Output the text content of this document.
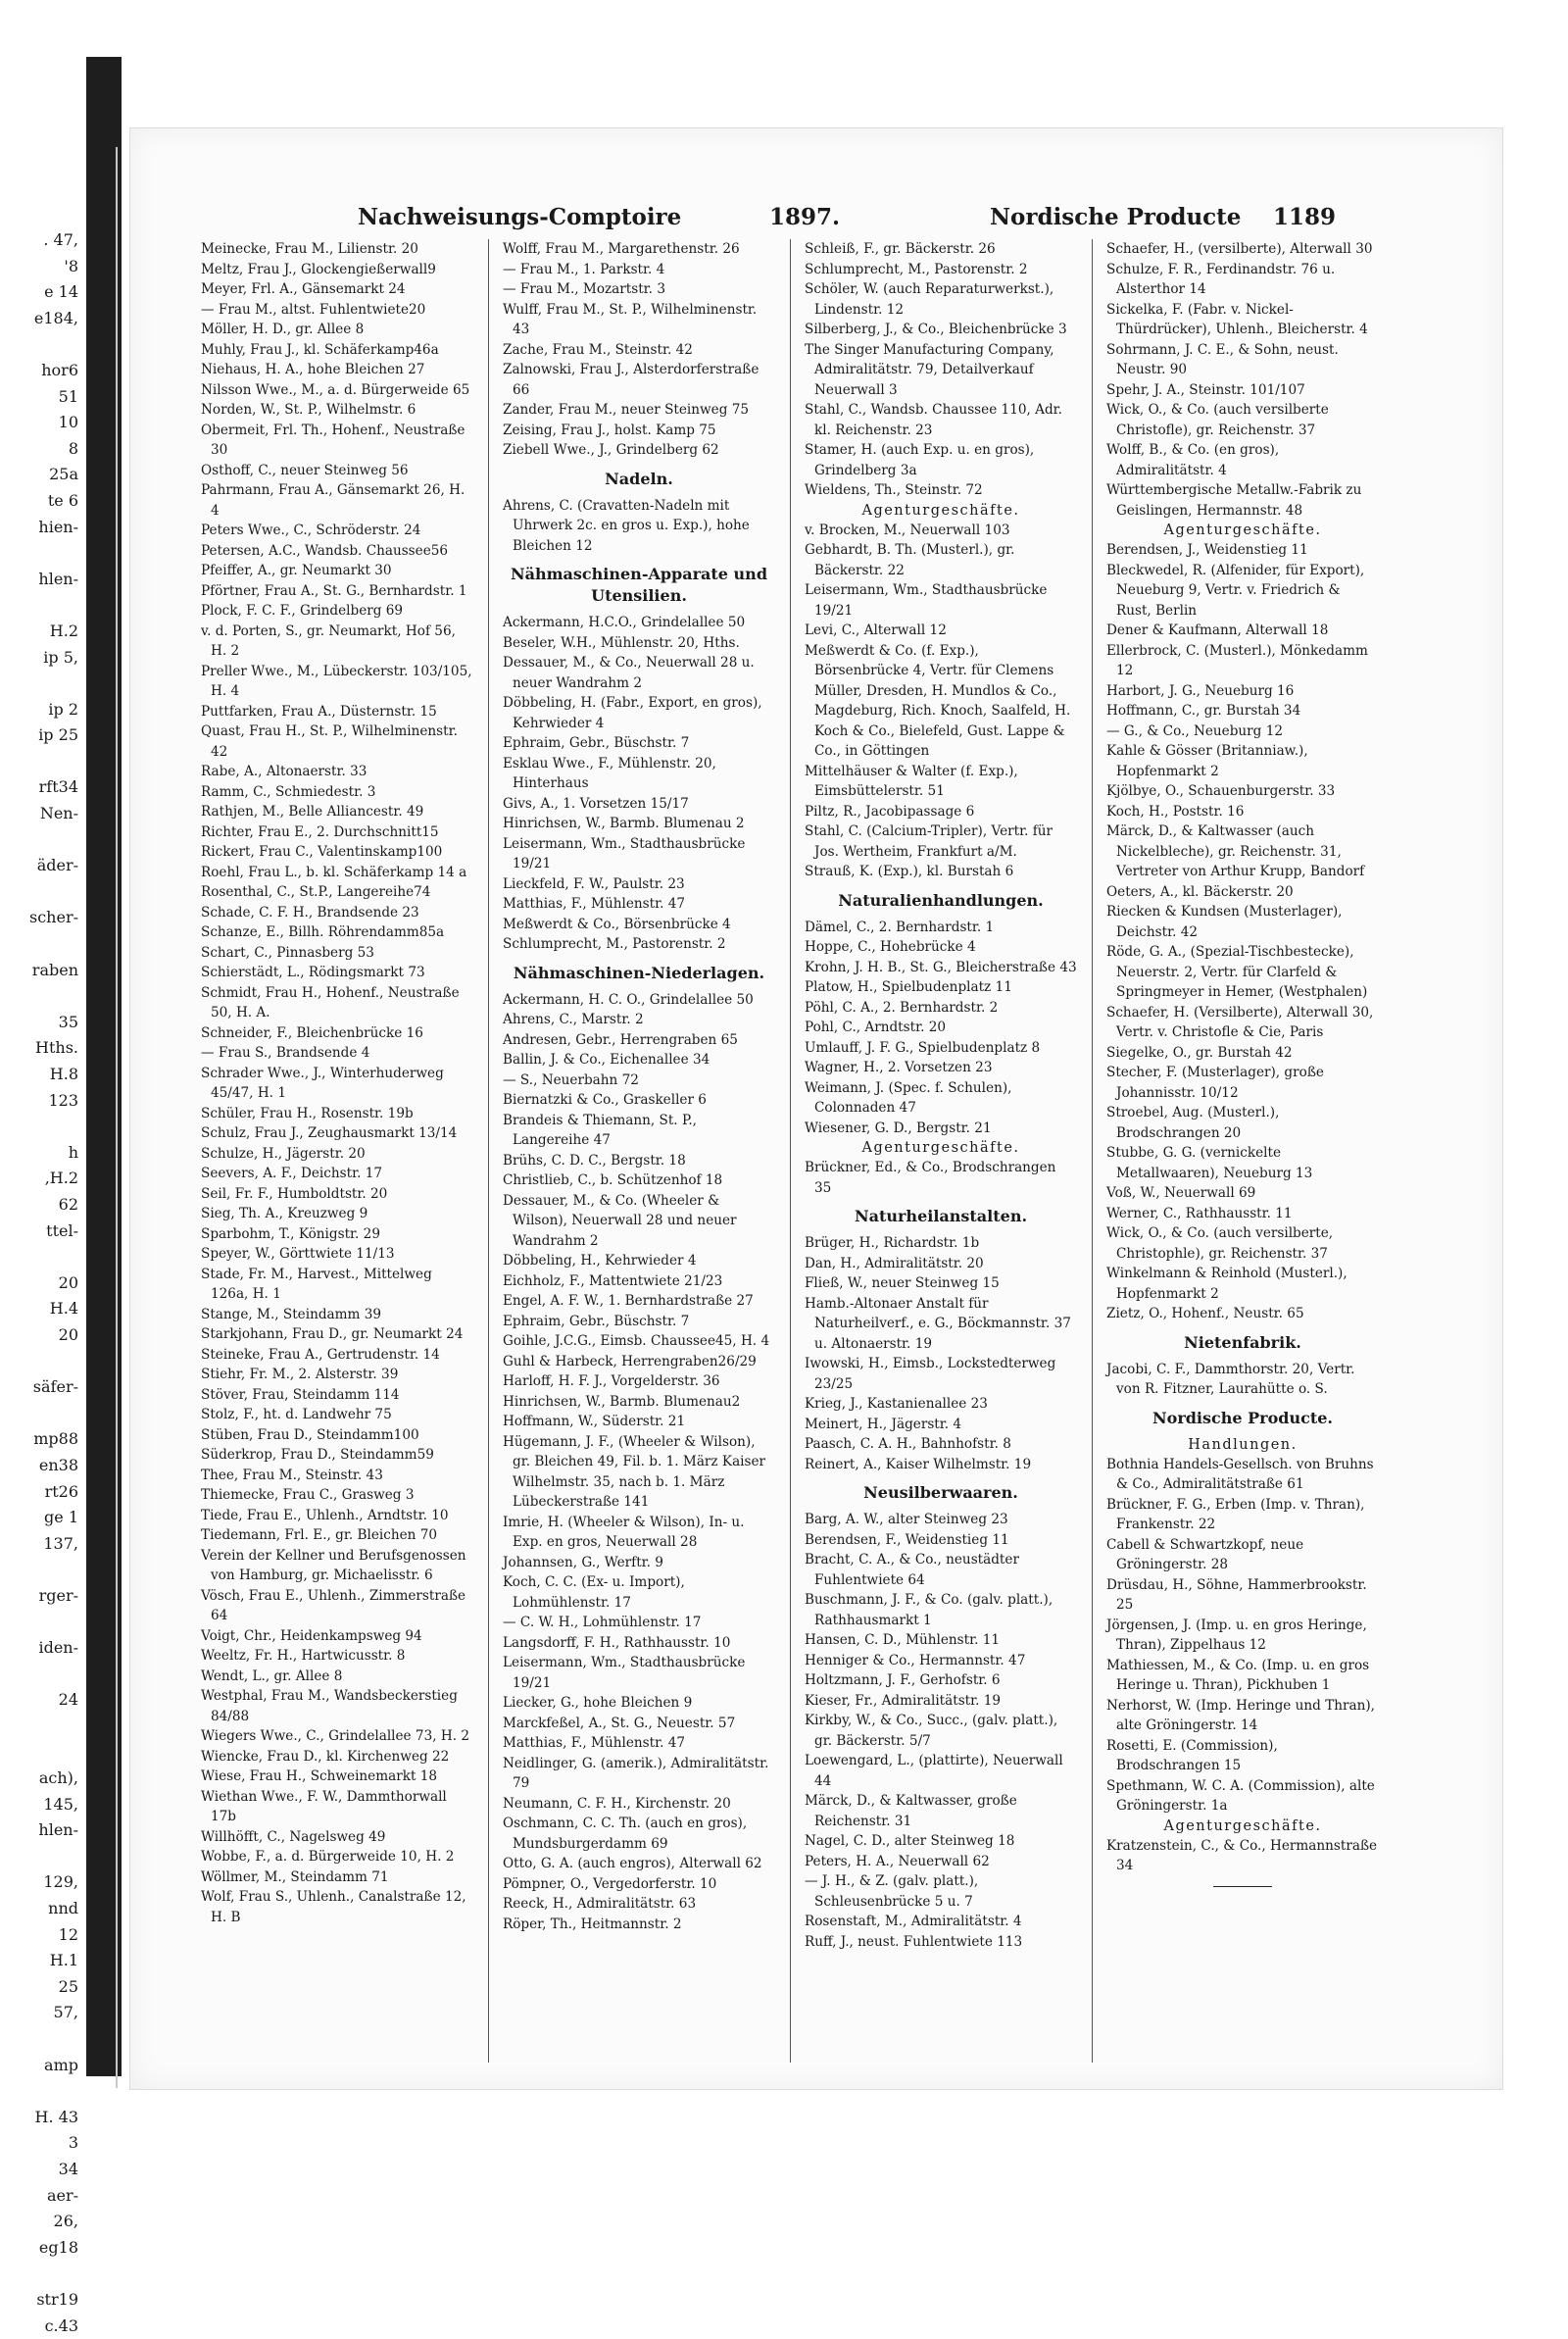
. 47,
'8
e 14
e184,

hor6
51
10
8
25a
te 6
hien-

hlen-

H.2
ip 5,

ip 2
ip 25

rft34
Nen-

äder-

scher-

raben

35
Hths.
H.8
123

h
,H.2
62
ttel-

20
H.4
20

säfer-

mp88
en38
rt26
ge 1
137,

rger-

iden-

24

ach),
145,
hlen-

129,
nnd
12
H.1
25
57,

amp

H. 43
3
34
aer-
26,
eg18

str19
c.43
Nachweisungs-Comptoire	1897.	Nordische Producte 1189
Meinecke, Frau M., Lilienstr. 20
Meltz, Frau J., Glockengießerwall9
Meyer, Frl. A., Gänsemarkt 24
— Frau M., altst. Fuhlentwiete20
Möller, H. D., gr. Allee 8
Muhly, Frau J., kl. Schäferkamp46a
Niehaus, H. A., hohe Bleichen 27
Nilsson Wwe., M., a. d. Bürgerweide 65
Norden, W., St. P., Wilhelmstr. 6
Obermeit, Frl. Th., Hohenf., Neustraße 30
Osthoff, C., neuer Steinweg 56
Pahrmann, Frau A., Gänsemarkt 26, H. 4
Peters Wwe., C., Schröderstr. 24
Petersen, A.C., Wandsb. Chaussee56
Pfeiffer, A., gr. Neumarkt 30
Pförtner, Frau A., St. G., Bernhardstr. 1
Plock, F. C. F., Grindelberg 69
v. d. Porten, S., gr. Neumarkt, Hof 56, H. 2
Preller Wwe., M., Lübeckerstr. 103/105, H. 4
Puttfarken, Frau A., Düsternstr. 15
Quast, Frau H., St. P., Wilhelminenstr. 42
Rabe, A., Altonaerstr. 33
Ramm, C., Schmiedestr. 3
Rathjen, M., Belle Alliancestr. 49
Richter, Frau E., 2. Durchschnitt15
Rickert, Frau C., Valentinskamp100
Roehl, Frau L., b. kl. Schäferkamp 14 a
Rosenthal, C., St.P., Langereihe74
Schade, C. F. H., Brandsende 23
Schanze, E., Billh. Röhrendamm85a
Schart, C., Pinnasberg 53
Schierstädt, L., Rödingsmarkt 73
Schmidt, Frau H., Hohenf., Neustraße 50, H. A.
Schneider, F., Bleichenbrücke 16
— Frau S., Brandsende 4
Schrader Wwe., J., Winterhuderweg 45/47, H. 1
Schüler, Frau H., Rosenstr. 19b
Schulz, Frau J., Zeughausmarkt 13/14
Schulze, H., Jägerstr. 20
Seevers, A. F., Deichstr. 17
Seil, Fr. F., Humboldtstr. 20
Sieg, Th. A., Kreuzweg 9
Sparbohm, T., Königstr. 29
Speyer, W., Görttwiete 11/13
Stade, Fr. M., Harvest., Mittelweg 126a, H. 1
Stange, M., Steindamm 39
Starkjohann, Frau D., gr. Neumarkt 24
Steineke, Frau A., Gertrudenstr. 14
Stiehr, Fr. M., 2. Alsterstr. 39
Stöver, Frau, Steindamm 114
Stolz, F., ht. d. Landwehr 75
Stüben, Frau D., Steindamm100
Süderkrop, Frau D., Steindamm59
Thee, Frau M., Steinstr. 43
Thiemecke, Frau C., Grasweg 3
Tiede, Frau E., Uhlenh., Arndtstr. 10
Tiedemann, Frl. E., gr. Bleichen 70
Verein der Kellner und Berufsgenossen von Hamburg, gr. Michaelisstr. 6
Vösch, Frau E., Uhlenh., Zimmerstraße 64
Voigt, Chr., Heidenkampsweg 94
Weeltz, Fr. H., Hartwicusstr. 8
Wendt, L., gr. Allee 8
Westphal, Frau M., Wandsbeckerstieg 84/88
Wiegers Wwe., C., Grindelallee 73, H. 2
Wiencke, Frau D., kl. Kirchenweg 22
Wiese, Frau H., Schweinemarkt 18
Wiethan Wwe., F. W., Dammthorwall 17b
Willhöfft, C., Nagelsweg 49
Wobbe, F., a. d. Bürgerweide 10, H. 2
Wöllmer, M., Steindamm 71
Wolf, Frau S., Uhlenh., Canalstraße 12, H. B
Wolff, Frau M., Margarethenstr. 26
— Frau M., 1. Parkstr. 4
— Frau M., Mozartstr. 3
Wulff, Frau M., St. P., Wilhelminenstr. 43
Zache, Frau M., Steinstr. 42
Zalnowski, Frau J., Alsterdorferstraße 66
Zander, Frau M., neuer Steinweg 75
Zeising, Frau J., holst. Kamp 75
Ziebell Wwe., J., Grindelberg 62
Nadeln.
Ahrens, C. (Cravatten-Nadeln mit Uhrwerk 2c. en gros u. Exp.), hohe Bleichen 12
Nähmaschinen-Apparate und Utensilien.
Ackermann, H.C.O., Grindelallee 50
Beseler, W.H., Mühlenstr. 20, Hths.
Dessauer, M., & Co., Neuerwall 28 u. neuer Wandrahm 2
Döbbeling, H. (Fabr., Export, en gros), Kehrwieder 4
Ephraim, Gebr., Büschstr. 7
Esklau Wwe., F., Mühlenstr. 20, Hinterhaus
Givs, A., 1. Vorsetzen 15/17
Hinrichsen, W., Barmb. Blumenau 2
Leisermann, Wm., Stadthausbrücke 19/21
Lieckfeld, F. W., Paulstr. 23
Matthias, F., Mühlenstr. 47
Meßwerdt & Co., Börsenbrücke 4
Schlumprecht, M., Pastorenstr. 2
Nähmaschinen-Niederlagen.
Ackermann, H. C. O., Grindelallee 50
Ahrens, C., Marstr. 2
Andresen, Gebr., Herrengraben 65
Ballin, J. & Co., Eichenallee 34
— S., Neuerbahn 72
Biernatzki & Co., Graskeller 6
Brandeis & Thiemann, St. P., Langereihe 47
Brühs, C. D. C., Bergstr. 18
Christlieb, C., b. Schützenhof 18
Dessauer, M., & Co. (Wheeler & Wilson), Neuerwall 28 und neuer Wandrahm 2
Döbbeling, H., Kehrwieder 4
Eichholz, F., Mattentwiete 21/23
Engel, A. F. W., 1. Bernhardstraße 27
Ephraim, Gebr., Büschstr. 7
Goihle, J.C.G., Eimsb. Chaussee45, H. 4
Guhl & Harbeck, Herrengraben26/29
Harloff, H. F. J., Vorgelderstr. 36
Hinrichsen, W., Barmb. Blumenau2
Hoffmann, W., Süderstr. 21
Hügemann, J. F., (Wheeler & Wilson), gr. Bleichen 49, Fil. b. 1. März Kaiser Wilhelmstr. 35, nach b. 1. März Lübeckerstraße 141
Imrie, H. (Wheeler & Wilson), In- u. Exp. en gros, Neuerwall 28
Johannsen, G., Werftr. 9
Koch, C. C. (Ex- u. Import), Lohmühlenstr. 17
— C. W. H., Lohmühlenstr. 17
Langsdorff, F. H., Rathhausstr. 10
Leisermann, Wm., Stadthausbrücke 19/21
Liecker, G., hohe Bleichen 9
Marckfeßel, A., St. G., Neuestr. 57
Matthias, F., Mühlenstr. 47
Neidlinger, G. (amerik.), Admiralitätstr. 79
Neumann, C. F. H., Kirchenstr. 20
Oschmann, C. C. Th. (auch en gros), Mundsburgerdamm 69
Otto, G. A. (auch engros), Alterwall 62
Pömpner, O., Vergedorferstr. 10
Reeck, H., Admiralitätstr. 63
Röper, Th., Heitmannstr. 2
Schleiß, F., gr. Bäckerstr. 26
Schlumprecht, M., Pastorenstr. 2
Schöler, W. (auch Reparaturwerkst.), Lindenstr. 12
Silberberg, J., & Co., Bleichenbrücke 3
The Singer Manufacturing Company, Admiralitätstr. 79, Detailverkauf Neuerwall 3
Stahl, C., Wandsb. Chaussee 110, Adr. kl. Reichenstr. 23
Stamer, H. (auch Exp. u. en gros), Grindelberg 3a
Wieldens, Th., Steinstr. 72
Agenturgeschäfte.
v. Brocken, M., Neuerwall 103
Gebhardt, B. Th. (Musterl.), gr. Bäckerstr. 22
Leisermann, Wm., Stadthausbrücke 19/21
Levi, C., Alterwall 12
Meßwerdt & Co. (f. Exp.), Börsenbrücke 4, Vertr. für Clemens Müller, Dresden, H. Mundlos & Co., Magdeburg, Rich. Knoch, Saalfeld, H. Koch & Co., Bielefeld, Gust. Lappe & Co., in Göttingen
Mittelhäuser & Walter (f. Exp.), Eimsbüttelerstr. 51
Piltz, R., Jacobipassage 6
Stahl, C. (Calcium-Tripler), Vertr. für Jos. Wertheim, Frankfurt a/M.
Strauß, K. (Exp.), kl. Burstah 6
Naturalienhandlungen.
Dämel, C., 2. Bernhardstr. 1
Hoppe, C., Hohebrücke 4
Krohn, J. H. B., St. G., Bleicherstraße 43
Platow, H., Spielbudenplatz 11
Pöhl, C. A., 2. Bernhardstr. 2
Pohl, C., Arndtstr. 20
Umlauff, J. F. G., Spielbudenplatz 8
Wagner, H., 2. Vorsetzen 23
Weimann, J. (Spec. f. Schulen), Colonnaden 47
Wiesener, G. D., Bergstr. 21
Agenturgeschäfte.
Brückner, Ed., & Co., Brodschrangen 35
Naturheilanstalten.
Brüger, H., Richardstr. 1b
Dan, H., Admiralitätstr. 20
Fließ, W., neuer Steinweg 15
Hamb.-Altonaer Anstalt für Naturheilverf., e. G., Böckmannstr. 37 u. Altonaerstr. 19
Iwowski, H., Eimsb., Lockstedterweg 23/25
Krieg, J., Kastanienallee 23
Meinert, H., Jägerstr. 4
Paasch, C. A. H., Bahnhofstr. 8
Reinert, A., Kaiser Wilhelmstr. 19
Neusilberwaaren.
Barg, A. W., alter Steinweg 23
Berendsen, F., Weidenstieg 11
Bracht, C. A., & Co., neustädter Fuhlentwiete 64
Buschmann, J. F., & Co. (galv. platt.), Rathhausmarkt 1
Hansen, C. D., Mühlenstr. 11
Henniger & Co., Hermannstr. 47
Holtzmann, J. F., Gerhofstr. 6
Kieser, Fr., Admiralitätstr. 19
Kirkby, W., & Co., Succ., (galv. platt.), gr. Bäckerstr. 5/7
Loewengard, L., (plattirte), Neuerwall 44
Märck, D., & Kaltwasser, große Reichenstr. 31
Nagel, C. D., alter Steinweg 18
Peters, H. A., Neuerwall 62
— J. H., & Z. (galv. platt.), Schleusenbrücke 5 u. 7
Rosenstaft, M., Admiralitätstr. 4
Ruff, J., neust. Fuhlentwiete 113
Schaefer, H., (versilberte), Alterwall 30
Schulze, F. R., Ferdinandstr. 76 u. Alsterthor 14
Sickelka, F. (Fabr. v. Nickel-Thürdrücker), Uhlenh., Bleicherstr. 4
Sohrmann, J. C. E., & Sohn, neust. Neustr. 90
Spehr, J. A., Steinstr. 101/107
Wick, O., & Co. (auch versilberte Christofle), gr. Reichenstr. 37
Wolff, B., & Co. (en gros), Admiralitätstr. 4
Württembergische Metallw.-Fabrik zu Geislingen, Hermannstr. 48
Agenturgeschäfte.
Berendsen, J., Weidenstieg 11
Bleckwedel, R. (Alfenider, für Export), Neueburg 9, Vertr. v. Friedrich & Rust, Berlin
Dener & Kaufmann, Alterwall 18
Ellerbrock, C. (Musterl.), Mönkedamm 12
Harbort, J. G., Neueburg 16
Hoffmann, C., gr. Burstah 34
— G., & Co., Neueburg 12
Kahle & Gösser (Britanniaw.), Hopfenmarkt 2
Kjölbye, O., Schauenburgerstr. 33
Koch, H., Poststr. 16
Märck, D., & Kaltwasser (auch Nickelbleche), gr. Reichenstr. 31, Vertreter von Arthur Krupp, Bandorf
Oeters, A., kl. Bäckerstr. 20
Riecken & Kundsen (Musterlager), Deichstr. 42
Röde, G. A., (Spezial-Tischbestecke), Neuerstr. 2, Vertr. für Clarfeld & Springmeyer in Hemer, (Westphalen)
Schaefer, H. (Versilberte), Alterwall 30, Vertr. v. Christofle & Cie, Paris
Siegelke, O., gr. Burstah 42
Stecher, F. (Musterlager), große Johannisstr. 10/12
Stroebel, Aug. (Musterl.), Brodschrangen 20
Stubbe, G. G. (vernickelte Metallwaaren), Neueburg 13
Voß, W., Neuerwall 69
Werner, C., Rathhausstr. 11
Wick, O., & Co. (auch versilberte, Christophle), gr. Reichenstr. 37
Winkelmann & Reinhold (Musterl.), Hopfenmarkt 2
Zietz, O., Hohenf., Neustr. 65
Nietenfabrik.
Jacobi, C. F., Dammthorstr. 20, Vertr. von R. Fitzner, Laurahütte o. S.
Nordische Producte.
Handlungen.
Bothnia Handels-Gesellsch. von Bruhns & Co., Admiralitätstraße 61
Brückner, F. G., Erben (Imp. v. Thran), Frankenstr. 22
Cabell & Schwartzkopf, neue Gröningerstr. 28
Drüsdau, H., Söhne, Hammerbrookstr. 25
Jörgensen, J. (Imp. u. en gros Heringe, Thran), Zippelhaus 12
Mathiessen, M., & Co. (Imp. u. en gros Heringe u. Thran), Pickhuben 1
Nerhorst, W. (Imp. Heringe und Thran), alte Gröningerstr. 14
Rosetti, E. (Commission), Brodschrangen 15
Spethmann, W. C. A. (Commission), alte Gröningerstr. 1a
Agenturgeschäfte.
Kratzenstein, C., & Co., Hermannstraße 34
